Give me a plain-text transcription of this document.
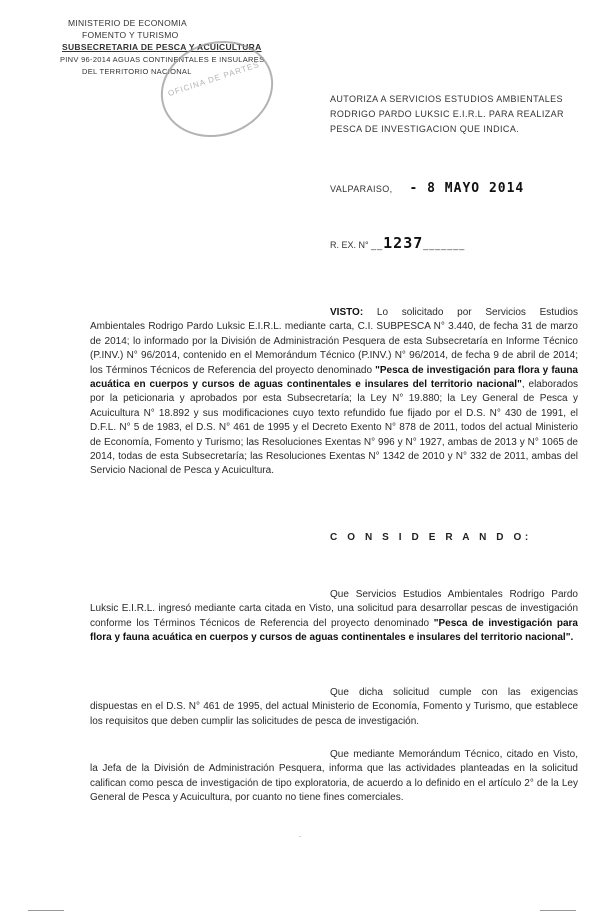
MINISTERIO DE ECONOMIA
FOMENTO Y TURISMO
SUBSECRETARIA DE PESCA Y ACUICULTURA
PINV 96-2014 AGUAS CONTINENTALES E INSULARES
DEL TERRITORIO NACIONAL
OFICINA DE PARTES
AUTORIZA A SERVICIOS ESTUDIOS AMBIENTALES
RODRIGO PARDO LUKSIC E.I.R.L. PARA REALIZAR
PESCA DE INVESTIGACION QUE INDICA.
VALPARAISO, - 8 MAYO 2014
R. EX. N° __1237_______
VISTO: Lo solicitado por Servicios Estudios Ambientales Rodrigo Pardo Luksic E.I.R.L. mediante carta, C.I. SUBPESCA N° 3.440, de fecha 31 de marzo de 2014; lo informado por la División de Administración Pesquera de esta Subsecretaría en Informe Técnico (P.INV.) N° 96/2014, contenido en el Memorándum Técnico (P.INV.) N° 96/2014, de fecha 9 de abril de 2014; los Términos Técnicos de Referencia del proyecto denominado "Pesca de investigación para flora y fauna acuática en cuerpos y cursos de aguas continentales e insulares del territorio nacional", elaborados por la peticionaria y aprobados por esta Subsecretaría; la Ley N° 19.880; la Ley General de Pesca y Acuicultura N° 18.892 y sus modificaciones cuyo texto refundido fue fijado por el D.S. N° 430 de 1991, el D.F.L. N° 5 de 1983, el D.S. N° 461 de 1995 y el Decreto Exento N° 878 de 2011, todos del actual Ministerio de Economía, Fomento y Turismo; las Resoluciones Exentas N° 996 y N° 1927, ambas de 2013 y N° 1065 de 2014, todas de esta Subsecretaría; las Resoluciones Exentas N° 1342 de 2010 y N° 332 de 2011, ambas del Servicio Nacional de Pesca y Acuicultura.
C O N S I D E R A N D O:
Que Servicios Estudios Ambientales Rodrigo Pardo Luksic E.I.R.L. ingresó mediante carta citada en Visto, una solicitud para desarrollar pescas de investigación conforme los Términos Técnicos de Referencia del proyecto denominado "Pesca de investigación para flora y fauna acuática en cuerpos y cursos de aguas continentales e insulares del territorio nacional".
Que dicha solicitud cumple con las exigencias dispuestas en el D.S. N° 461 de 1995, del actual Ministerio de Economía, Fomento y Turismo, que establece los requisitos que deben cumplir las solicitudes de pesca de investigación.
Que mediante Memorándum Técnico, citado en Visto, la Jefa de la División de Administración Pesquera, informa que las actividades planteadas en la solicitud califican como pesca de investigación de tipo exploratoria, de acuerdo a lo definido en el artículo 2° de la Ley General de Pesca y Acuicultura, por cuanto no tiene fines comerciales.
.
